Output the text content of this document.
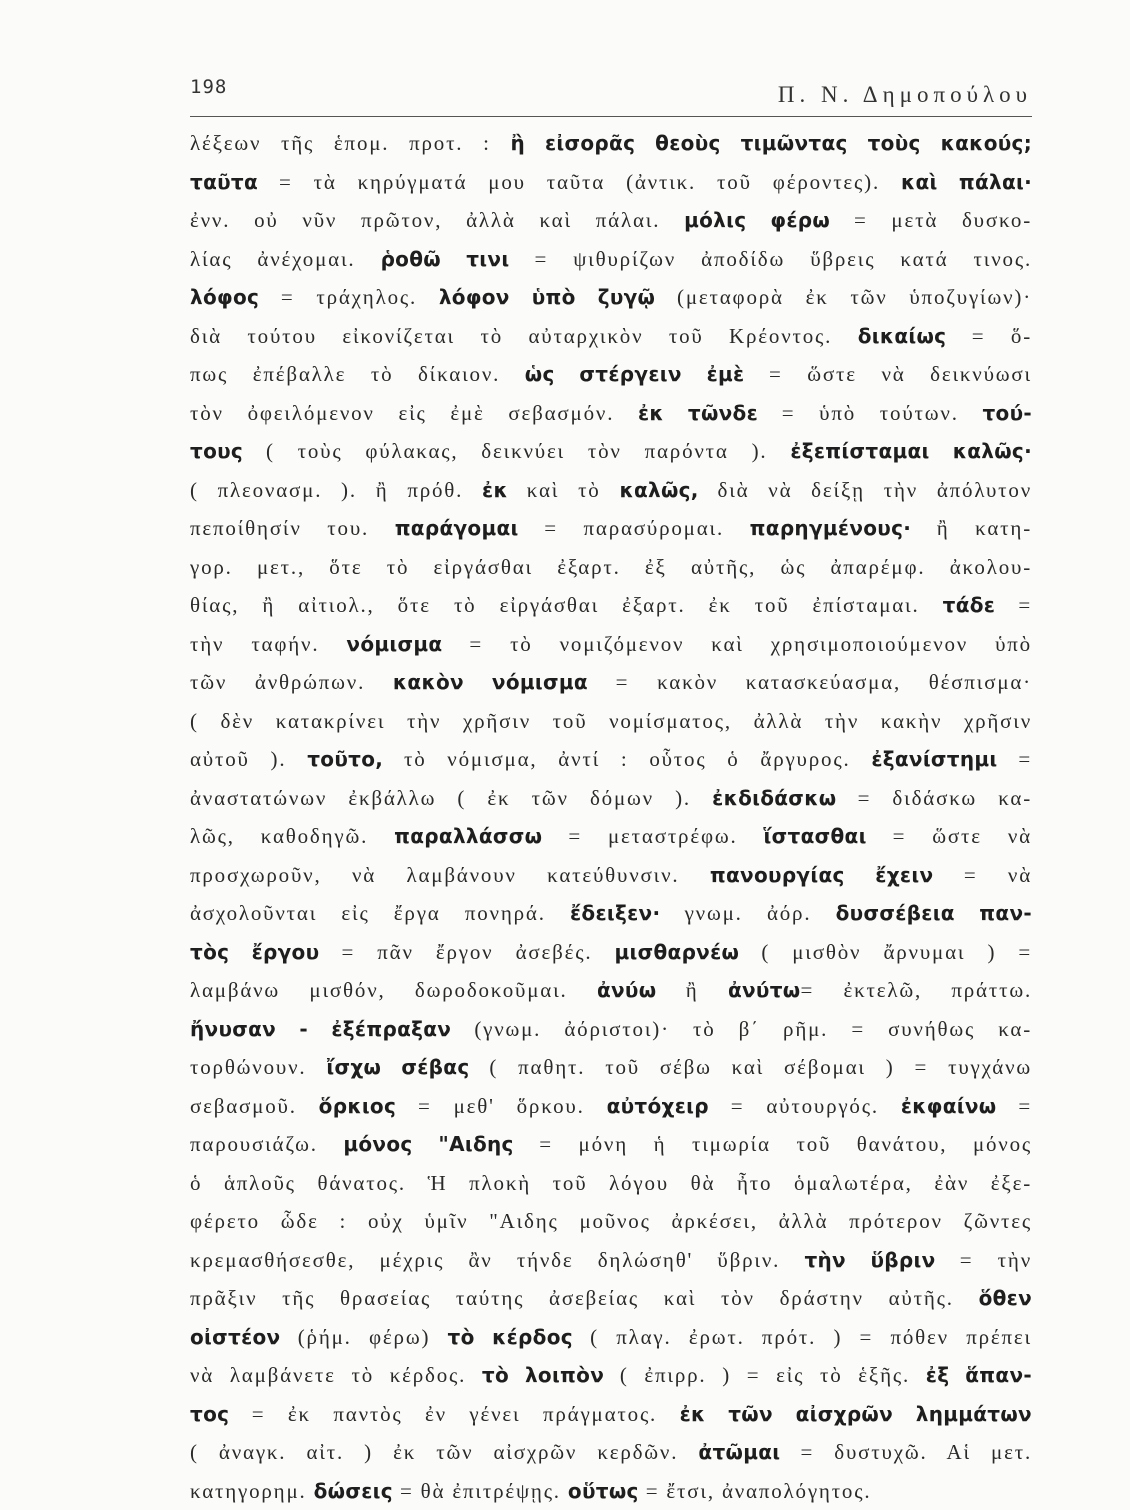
198	Π. Ν. Δημοπούλου
λέξεων τῆς ἑπομ. προτ. : ἢ εἰσορᾶς θεοὺς τιμῶντας τοὺς κακούς;
ταῦτα = τὰ κηρύγματά μου ταῦτα (ἀντικ. τοῦ φέροντες). καὶ πάλαι·
ἐνν. οὐ νῦν πρῶτον, ἀλλὰ καὶ πάλαι. μόλις φέρω = μετὰ δυσκο-
λίας ἀνέχομαι. ῥοθῶ τινι = ψιθυρίζων ἀποδίδω ὕβρεις κατά τινος.
λόφος = τράχηλος. λόφον ὑπὸ ζυγῷ (μεταφορὰ ἐκ τῶν ὑποζυγίων)·
διὰ τούτου εἰκονίζεται τὸ αὐταρχικὸν τοῦ Κρέοντος. δικαίως = ὅ-
πως ἐπέβαλλε τὸ δίκαιον. ὡς στέργειν ἐμὲ = ὥστε νὰ δεικνύωσι
τὸν ὀφειλόμενον εἰς ἐμὲ σεβασμόν. ἐκ τῶνδε = ὑπὸ τούτων. τού-
τους ( τοὺς φύλακας, δεικνύει τὸν παρόντα ). ἐξεπίσταμαι καλῶς·
( πλεονασμ. ). ἢ πρόθ. ἐκ καὶ τὸ καλῶς, διὰ νὰ δείξῃ τὴν ἀπόλυτον
πεποίθησίν του. παράγομαι = παρασύρομαι. παρηγμένους· ἢ κατη-
γορ. μετ., ὅτε τὸ εἰργάσθαι ἐξαρτ. ἐξ αὐτῆς, ὡς ἀπαρέμφ. ἀκολου-
θίας, ἢ αἰτιολ., ὅτε τὸ εἰργάσθαι ἐξαρτ. ἐκ τοῦ ἐπίσταμαι. τάδε =
τὴν ταφήν. νόμισμα = τὸ νομιζόμενον καὶ χρησιμοποιούμενον ὑπὸ
τῶν ἀνθρώπων. κακὸν νόμισμα = κακὸν κατασκεύασμα, θέσπισμα·
( δὲν κατακρίνει τὴν χρῆσιν τοῦ νομίσματος, ἀλλὰ τὴν κακὴν χρῆσιν
αὐτοῦ ). τοῦτο, τὸ νόμισμα, ἀντί : οὗτος ὁ ἄργυρος. ἐξανίστημι =
ἀναστατώνων ἐκβάλλω ( ἐκ τῶν δόμων ). ἐκδιδάσκω = διδάσκω κα-
λῶς, καθοδηγῶ. παραλλάσσω = μεταστρέφω. ἵστασθαι = ὥστε νὰ
προσχωροῦν, νὰ λαμβάνουν κατεύθυνσιν. πανουργίας ἔχειν = νὰ
ἀσχολοῦνται εἰς ἔργα πονηρά. ἔδειξεν· γνωμ. ἀόρ. δυσσέβεια παν-
τὸς ἔργου = πᾶν ἔργον ἀσεβές. μισθαρνέω ( μισθὸν ἄρνυμαι ) =
λαμβάνω μισθόν, δωροδοκοῦμαι. ἀνύω ἢ ἀνύτω= ἐκτελῶ, πράττω.
ἤνυσαν - ἐξέπραξαν (γνωμ. ἀόριστοι)· τὸ β΄ ρῆμ. = συνήθως κα-
τορθώνουν. ἴσχω σέβας ( παθητ. τοῦ σέβω καὶ σέβομαι ) = τυγχάνω
σεβασμοῦ. ὅρκιος = μεθ' ὅρκου. αὐτόχειρ = αὐτουργός. ἐκφαίνω =
παρουσιάζω. μόνος "Αιδης = μόνη ἡ τιμωρία τοῦ θανάτου, μόνος
ὁ ἁπλοῦς θάνατος. Ἡ πλοκὴ τοῦ λόγου θὰ ἦτο ὁμαλωτέρα, ἐὰν ἐξε-
φέρετο ὧδε : οὐχ ὑμῖν "Αιδης μοῦνος ἀρκέσει, ἀλλὰ πρότερον ζῶντες
κρεμασθήσεσθε, μέχρις ἂν τήνδε δηλώσηθ' ὕβριν. τὴν ὕβριν = τὴν
πρᾶξιν τῆς θρασείας ταύτης ἀσεβείας καὶ τὸν δράστην αὐτῆς. ὅθεν
οἰστέον (ῥήμ. φέρω) τὸ κέρδος ( πλαγ. ἐρωτ. πρότ. ) = πόθεν πρέπει
νὰ λαμβάνετε τὸ κέρδος. τὸ λοιπὸν ( ἐπιρρ. ) = εἰς τὸ ἑξῆς. ἐξ ἅπαν-
τος = ἐκ παντὸς ἐν γένει πράγματος. ἐκ τῶν αἰσχρῶν λημμάτων
( ἀναγκ. αἰτ. ) ἐκ τῶν αἰσχρῶν κερδῶν. ἀτῶμαι = δυστυχῶ. Αἱ μετ.
κατηγορημ. δώσεις = θὰ ἐπιτρέψῃς. οὕτως = ἔτσι, ἀναπολόγητος.
